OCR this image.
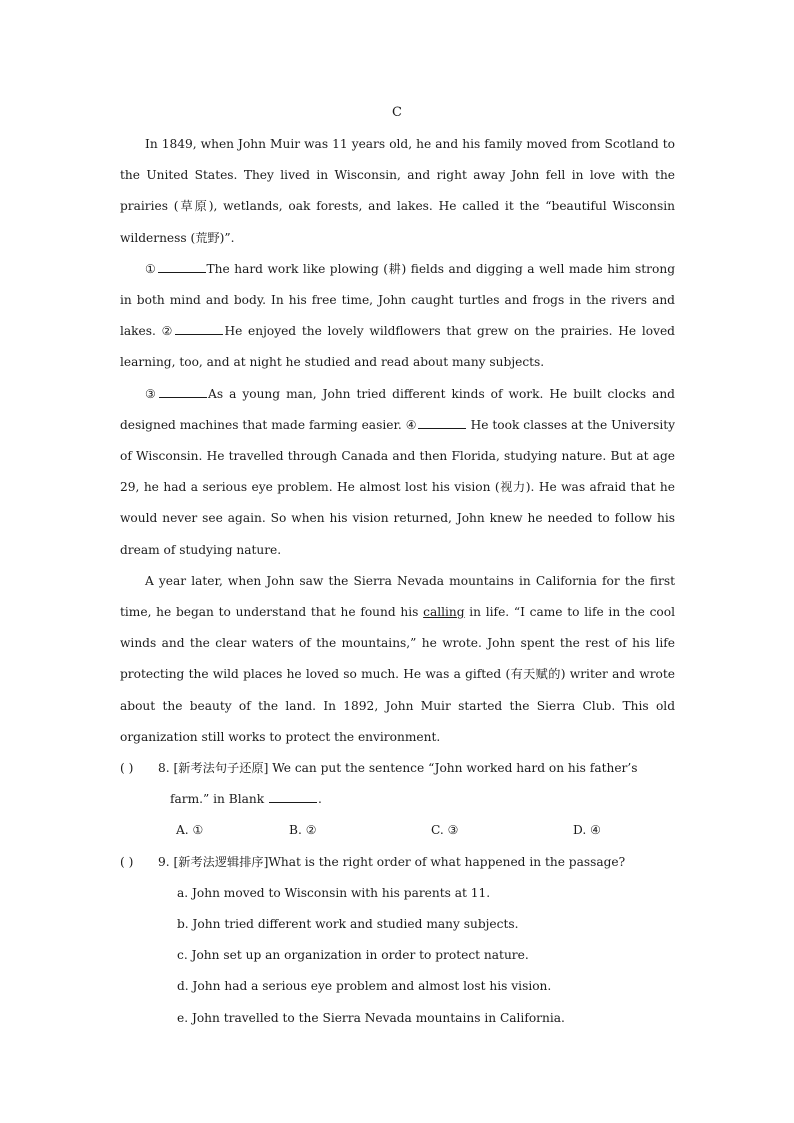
C

In 1849, when John Muir was 11 years old, he and his family moved from Scotland to the United States. They lived in Wisconsin, and right away John fell in love with the prairies (草原), wetlands, oak forests, and lakes. He called it the “beautiful Wisconsin wilderness (荒野)”.

①	The hard work like plowing (耕) fields and digging a well made him strong in both mind and body. In his free time, John caught turtles and frogs in the rivers and lakes. ②	He enjoyed the lovely wildflowers that grew on the prairies. He loved learning, too, and at night he studied and read about many subjects.

③	As a young man, John tried different kinds of work. He built clocks and designed machines that made farming easier. ④	He took classes at the University of Wisconsin. He travelled through Canada and then Florida, studying nature. But at age 29, he had a serious eye problem. He almost lost his vision (视力). He was afraid that he would never see again. So when his vision returned, John knew he needed to follow his dream of studying nature.

A year later, when John saw the Sierra Nevada mountains in California for the first time, he began to understand that he found his calling in life. “I came to life in the cool winds and the clear waters of the mountains,” he wrote. John spent the rest of his life protecting the wild places he loved so much. He was a gifted (有天赋的) writer and wrote about the beauty of the land. In 1892, John Muir started the Sierra Club. This old organization still works to protect the environment.

( ) 8. [新考法句子还原] We can put the sentence “John worked hard on his father’s
farm.” in Blank	.
A. ①	B. ②	C. ③	D. ④
( ) 9. [新考法逻辑排序]What is the right order of what happened in the passage?
a. John moved to Wisconsin with his parents at 11.
b. John tried different work and studied many subjects.
c. John set up an organization in order to protect nature.
d. John had a serious eye problem and almost lost his vision.
e. John travelled to the Sierra Nevada mountains in California.
